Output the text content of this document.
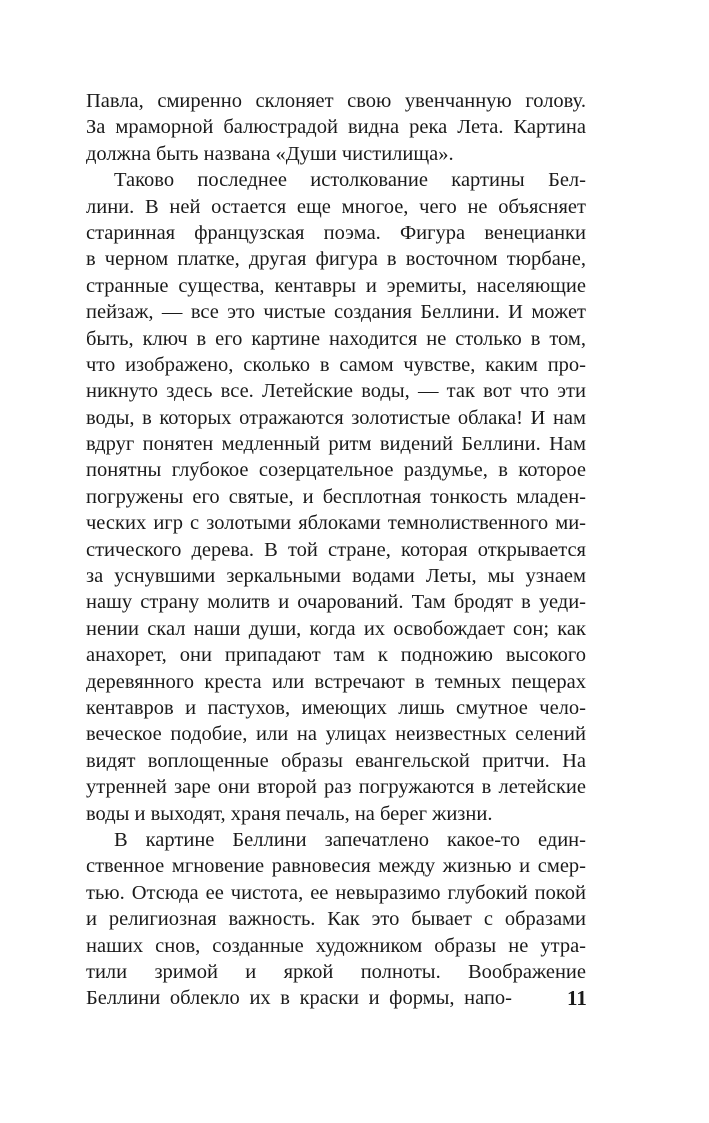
Павла, смиренно склоняет свою увенчанную голову.
За мраморной балюстрадой видна река Лета. Картина
должна быть названа «Души чистилища».
Таково последнее истолкование картины Бел-
лини. В ней остается еще многое, чего не объясняет
старинная французская поэма. Фигура венецианки
в черном платке, другая фигура в восточном тюрбане,
странные существа, кентавры и эремиты, населяющие
пейзаж, — все это чистые создания Беллини. И может
быть, ключ в его картине находится не столько в том,
что изображено, сколько в самом чувстве, каким про-
никнуто здесь все. Летейские воды, — так вот что эти
воды, в которых отражаются золотистые облака! И нам
вдруг понятен медленный ритм видений Беллини. Нам
понятны глубокое созерцательное раздумье, в которое
погружены его святые, и бесплотная тонкость младен-
ческих игр с золотыми яблоками темнолиственного ми-
стического дерева. В той стране, которая открывается
за уснувшими зеркальными водами Леты, мы узнаем
нашу страну молитв и очарований. Там бродят в уеди-
нении скал наши души, когда их освобождает сон; как
анахорет, они припадают там к подножию высокого
деревянного креста или встречают в темных пещерах
кентавров и пастухов, имеющих лишь смутное чело-
веческое подобие, или на улицах неизвестных селений
видят воплощенные образы евангельской притчи. На
утренней заре они второй раз погружаются в летейские
воды и выходят, храня печаль, на берег жизни.
В картине Беллини запечатлено какое-то един-
ственное мгновение равновесия между жизнью и смер-
тью. Отсюда ее чистота, ее невыразимо глубокий покой
и религиозная важность. Как это бывает с образами
наших снов, созданные художником образы не утра-
тили зримой и яркой полноты. Воображение
Беллини облекло их в краски и формы, напо-	11
